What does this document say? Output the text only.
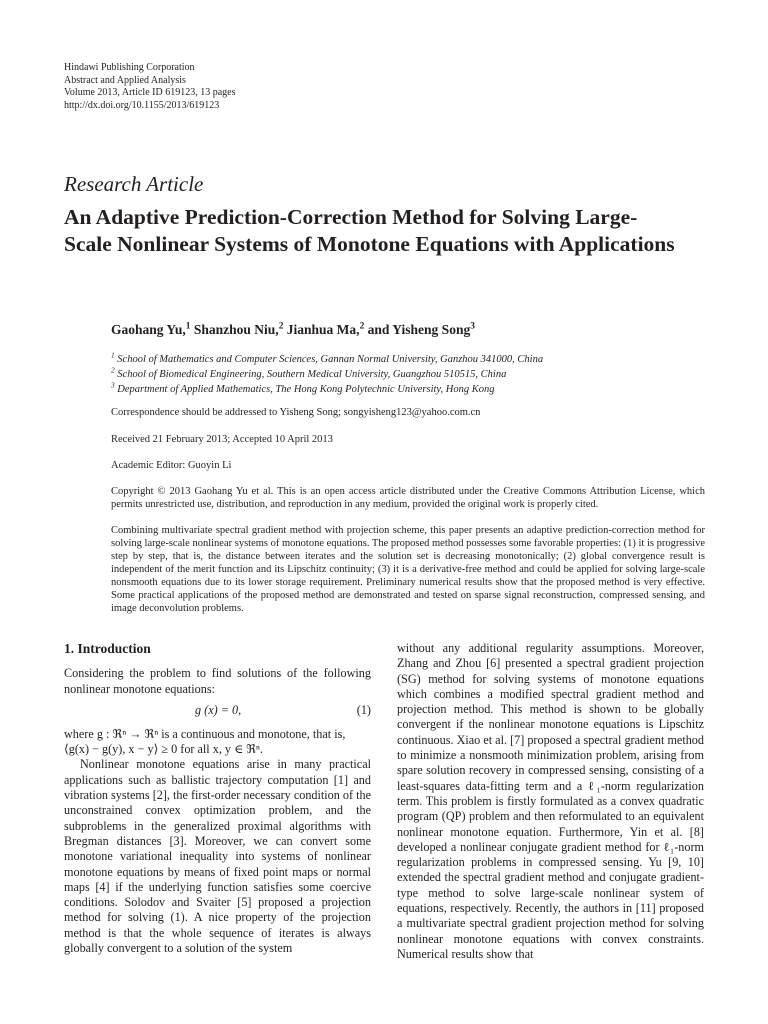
Hindawi Publishing Corporation
Abstract and Applied Analysis
Volume 2013, Article ID 619123, 13 pages
http://dx.doi.org/10.1155/2013/619123
Research Article
An Adaptive Prediction-Correction Method for Solving Large-Scale Nonlinear Systems of Monotone Equations with Applications
Gaohang Yu,$^1$ Shanzhou Niu,$^2$ Jianhua Ma,$^2$ and Yisheng Song$^3$
$^1$ School of Mathematics and Computer Sciences, Gannan Normal University, Ganzhou 341000, China
$^2$ School of Biomedical Engineering, Southern Medical University, Guangzhou 510515, China
$^3$ Department of Applied Mathematics, The Hong Kong Polytechnic University, Hong Kong
Correspondence should be addressed to Yisheng Song; songyisheng123@yahoo.com.cn
Received 21 February 2013; Accepted 10 April 2013
Academic Editor: Guoyin Li
Copyright © 2013 Gaohang Yu et al. This is an open access article distributed under the Creative Commons Attribution License, which permits unrestricted use, distribution, and reproduction in any medium, provided the original work is properly cited.
Combining multivariate spectral gradient method with projection scheme, this paper presents an adaptive prediction-correction method for solving large-scale nonlinear systems of monotone equations. The proposed method possesses some favorable properties: (1) it is progressive step by step, that is, the distance between iterates and the solution set is decreasing monotonically; (2) global convergence result is independent of the merit function and its Lipschitz continuity; (3) it is a derivative-free method and could be applied for solving large-scale nonsmooth equations due to its lower storage requirement. Preliminary numerical results show that the proposed method is very effective. Some practical applications of the proposed method are demonstrated and tested on sparse signal reconstruction, compressed sensing, and image deconvolution problems.

1. Introduction

Considering the problem to find solutions of the following nonlinear monotone equations:

g (x) = 0,	(1)

where g : ℜⁿ → ℜⁿ is a continuous and monotone, that is,

⟨g(x) − g(y), x − y⟩ ≥ 0 for all x, y ∈ ℜⁿ.

Nonlinear monotone equations arise in many practical applications such as ballistic trajectory computation [1] and vibration systems [2], the first-order necessary condition of the unconstrained convex optimization problem, and the subproblems in the generalized proximal algorithms with Bregman distances [3]. Moreover, we can convert some monotone variational inequality into systems of nonlinear monotone equations by means of fixed point maps or normal maps [4] if the underlying function satisfies some coercive conditions. Solodov and Svaiter [5] proposed a projection method for solving (1). A nice property of the projection method is that the whole sequence of iterates is always globally convergent to a solution of the system

without any additional regularity assumptions. Moreover, Zhang and Zhou [6] presented a spectral gradient projection (SG) method for solving systems of monotone equations which combines a modified spectral gradient method and projection method. This method is shown to be globally convergent if the nonlinear monotone equations is Lipschitz continuous. Xiao et al. [7] proposed a spectral gradient method to minimize a nonsmooth minimization problem, arising from spare solution recovery in compressed sensing, consisting of a least-squares data-fitting term and a ℓ₁-norm regularization term. This problem is firstly formulated as a convex quadratic program (QP) problem and then reformulated to an equivalent nonlinear monotone equation. Furthermore, Yin et al. [8] developed a nonlinear conjugate gradient method for ℓ₁-norm regularization problems in compressed sensing. Yu [9, 10] extended the spectral gradient method and conjugate gradient-type method to solve large-scale nonlinear system of equations, respectively. Recently, the authors in [11] proposed a multivariate spectral gradient projection method for solving nonlinear monotone equations with convex constraints. Numerical results show that
